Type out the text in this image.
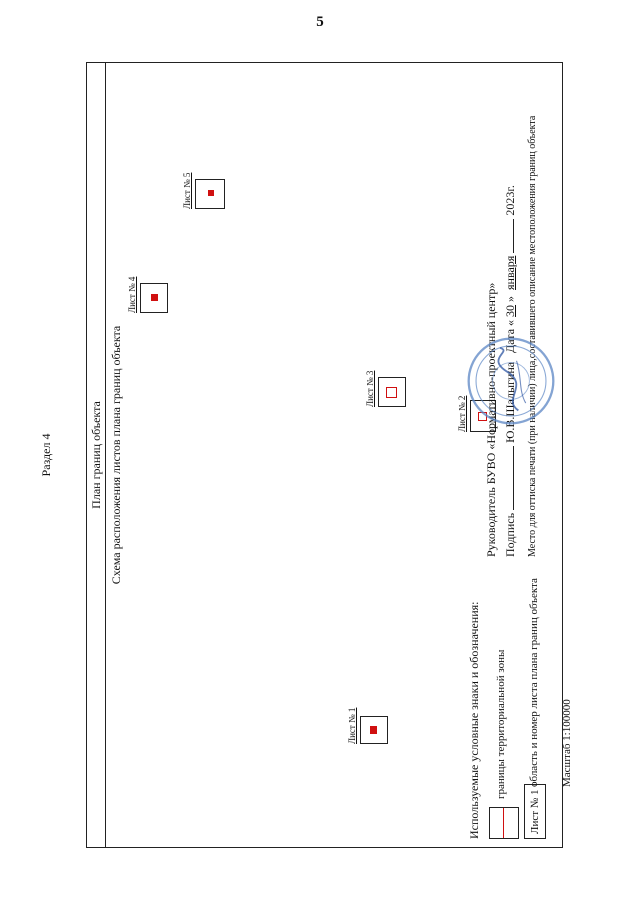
5
Раздел 4	План границ объекта Схема расположения листов плана границ объекта
Лист № 1
Лист № 2
Лист № 3
Лист № 4
Лист № 5
Используемые условные знаки и обозначения: границы территориальной зоны
Лист № 1
область и номер листа плана границ объекта Масштаб 1:100000
Руководитель БУВО «Нормативно-проектный центр» Подпись  Ю.В.Шалыгина   Дата « 30 »  января  2023г. Место для оттиска печати (при наличии) лица,составившего описание местоположения границ объекта
